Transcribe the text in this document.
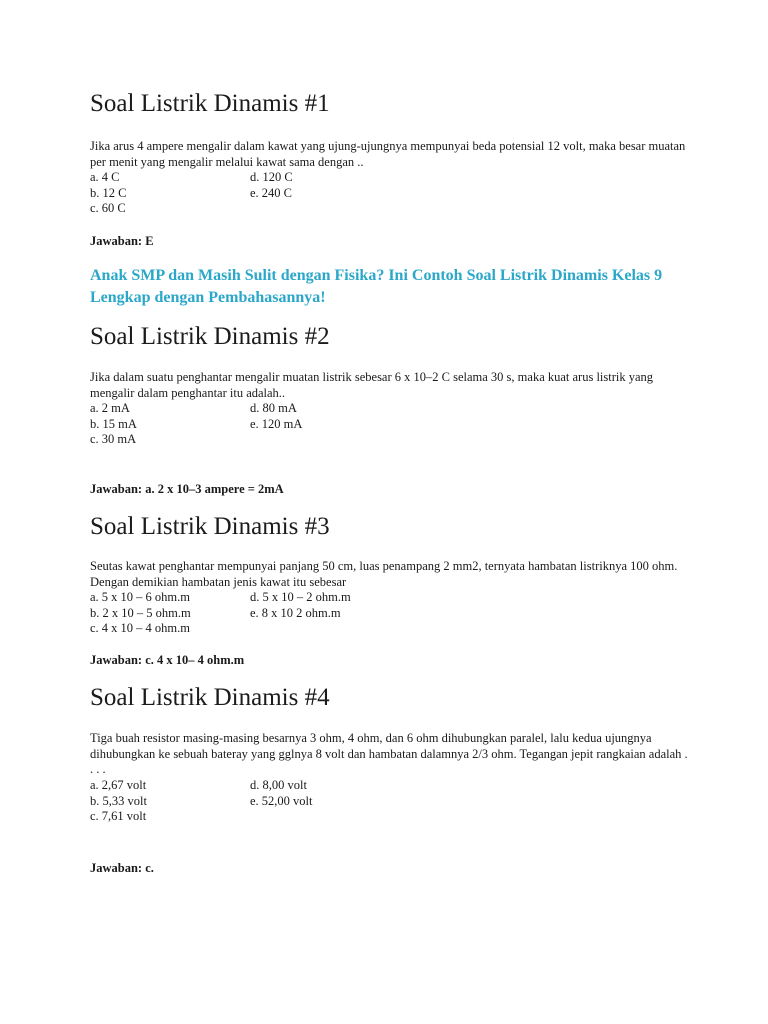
Soal Listrik Dinamis #1

Jika arus 4 ampere mengalir dalam kawat yang ujung-ujungnya mempunyai beda potensial 12 volt, maka besar muatan per menit yang mengalir melalui kawat sama dengan ..

a. 4 C	d. 120 C
b. 12 C	e. 240 C
c. 60 C

Jawaban: E

Anak SMP dan Masih Sulit dengan Fisika? Ini Contoh Soal Listrik Dinamis Kelas 9 Lengkap dengan Pembahasannya!

Soal Listrik Dinamis #2

Jika dalam suatu penghantar mengalir muatan listrik sebesar 6 x 10–2 C selama 30 s, maka kuat arus listrik yang mengalir dalam penghantar itu adalah..

a. 2 mA	d. 80 mA
b. 15 mA	e. 120 mA
c. 30 mA

Jawaban: a. 2 x 10–3 ampere = 2mA

Soal Listrik Dinamis #3

Seutas kawat penghantar mempunyai panjang 50 cm, luas penampang 2 mm2, ternyata hambatan listriknya 100 ohm. Dengan demikian hambatan jenis kawat itu sebesar

a. 5 x 10 – 6 ohm.m	d. 5 x 10 – 2 ohm.m
b. 2 x 10 – 5 ohm.m	e. 8 x 10 2 ohm.m
c. 4 x 10 – 4 ohm.m

Jawaban: c. 4 x 10– 4 ohm.m

Soal Listrik Dinamis #4

Tiga buah resistor masing-masing besarnya 3 ohm, 4 ohm, dan 6 ohm dihubungkan paralel, lalu kedua ujungnya dihubungkan ke sebuah bateray yang gglnya 8 volt dan hambatan dalamnya 2/3 ohm. Tegangan jepit rangkaian adalah . . . .

a. 2,67 volt	d. 8,00 volt
b. 5,33 volt	e. 52,00 volt
c. 7,61 volt

Jawaban: c.
